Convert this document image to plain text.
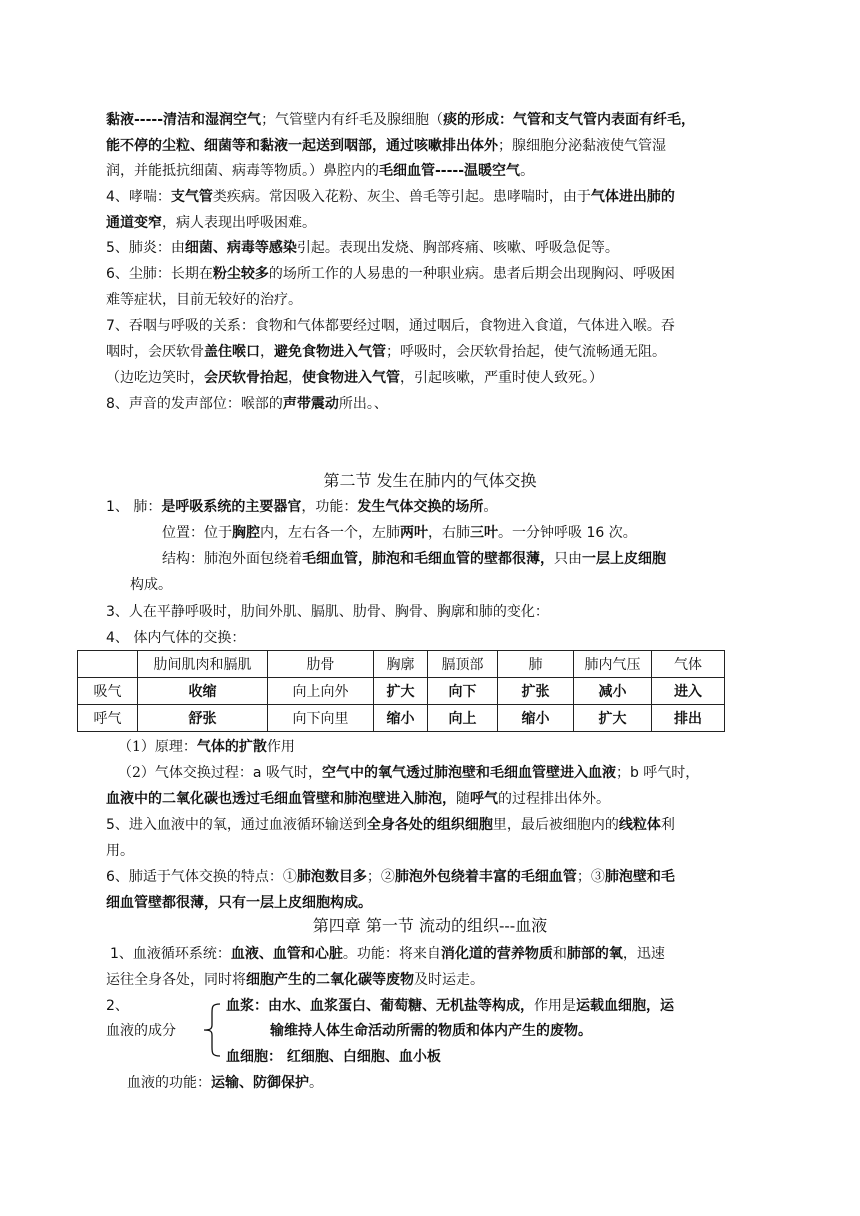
黏液-----清洁和湿润空气；气管壁内有纤毛及腺细胞（痰的形成：气管和支气管内表面有纤毛，
能不停的尘粒、细菌等和黏液一起送到咽部，通过咳嗽排出体外；腺细胞分泌黏液使气管湿
润，并能抵抗细菌、病毒等物质。）鼻腔内的毛细血管-----温暖空气。
4、哮喘：支气管类疾病。常因吸入花粉、灰尘、兽毛等引起。患哮喘时，由于气体进出肺的
通道变窄，病人表现出呼吸困难。
5、肺炎：由细菌、病毒等感染引起。表现出发烧、胸部疼痛、咳嗽、呼吸急促等。
6、尘肺：长期在粉尘较多的场所工作的人易患的一种职业病。患者后期会出现胸闷、呼吸困
难等症状，目前无较好的治疗。
7、吞咽与呼吸的关系：食物和气体都要经过咽，通过咽后，食物进入食道，气体进入喉。吞
咽时，会厌软骨盖住喉口，避免食物进入气管；呼吸时，会厌软骨抬起，使气流畅通无阻。
（边吃边笑时，会厌软骨抬起，使食物进入气管，引起咳嗽，严重时使人致死。）
8、声音的发声部位：喉部的声带震动所出。、
第二节 发生在肺内的气体交换
1、 肺：是呼吸系统的主要器官，功能：发生气体交换的场所。
位置：位于胸腔内，左右各一个，左肺两叶，右肺三叶。一分钟呼吸 16 次。
结构：肺泡外面包绕着毛细血管，肺泡和毛细血管的壁都很薄，只由一层上皮细胞
构成。
3、人在平静呼吸时，肋间外肌、膈肌、肋骨、胸骨、胸廓和肺的变化：
4、 体内气体的交换：
	肋间肌肉和膈肌	肋骨	胸廓	膈顶部	肺	肺内气压	气体
吸气	收缩	向上向外	扩大	向下	扩张	减小	进入
呼气	舒张	向下向里	缩小	向上	缩小	扩大	排出
（1）原理：气体的扩散作用
（2）气体交换过程：a 吸气时，空气中的氧气透过肺泡壁和毛细血管壁进入血液；b 呼气时，
血液中的二氧化碳也透过毛细血管壁和肺泡壁进入肺泡，随呼气的过程排出体外。
5、进入血液中的氧，通过血液循环输送到全身各处的组织细胞里，最后被细胞内的线粒体利
用。
6、肺适于气体交换的特点：①肺泡数目多；②肺泡外包绕着丰富的毛细血管；③肺泡壁和毛
细血管壁都很薄，只有一层上皮细胞构成。
第四章 第一节 流动的组织---血液
1、血液循环系统：血液、血管和心脏。功能：将来自消化道的营养物质和肺部的氧，迅速
运往全身各处，同时将细胞产生的二氧化碳等废物及时运走。
2、	血浆：由水、血浆蛋白、葡萄糖、无机盐等构成，作用是运载血细胞，运
血液的成分	输维持人体生命活动所需的物质和体内产生的废物。
血细胞： 红细胞、白细胞、血小板
血液的功能：运输、防御保护。
